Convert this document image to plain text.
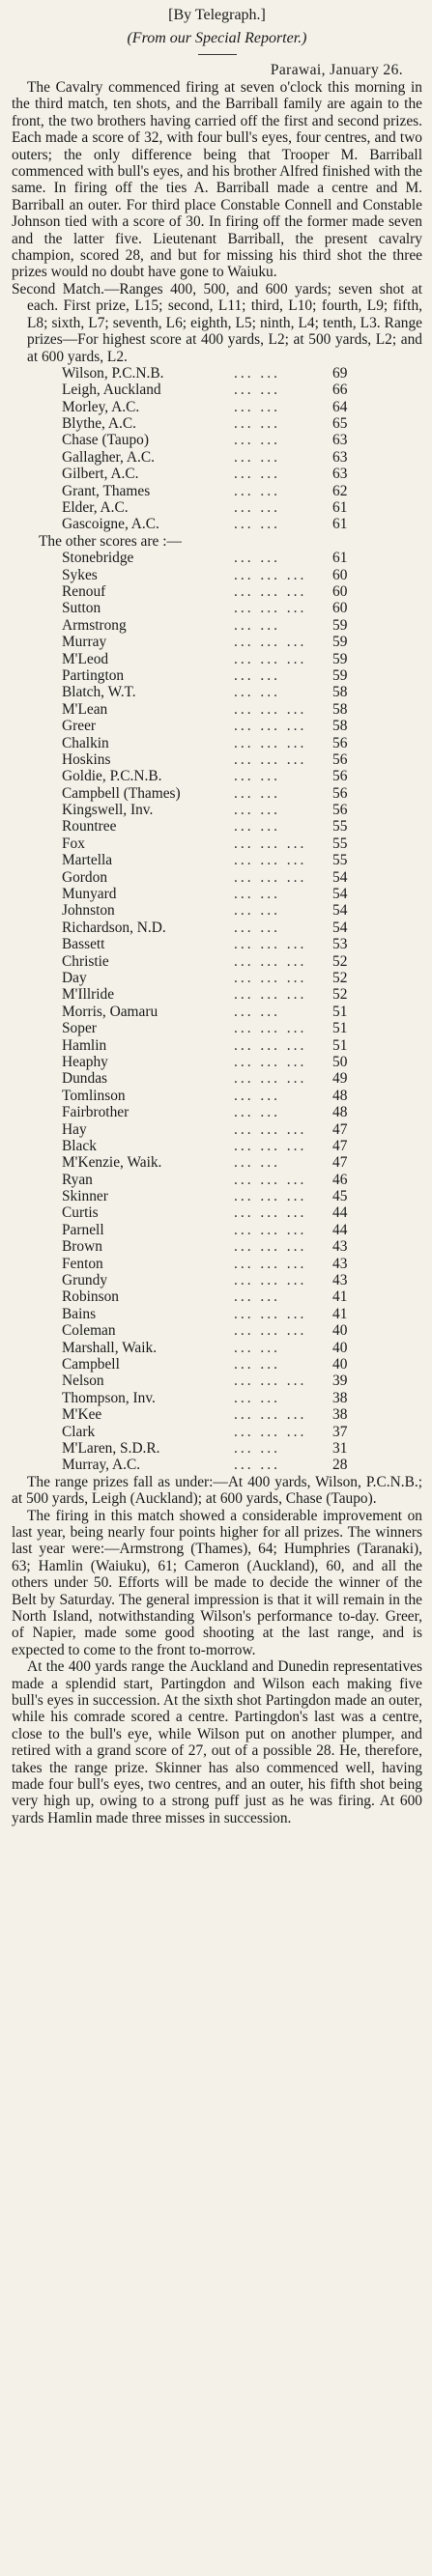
[By Telegraph.]
(From our Special Reporter.)
Parawai, January 26.

The Cavalry commenced firing at seven o'clock this morning in the third match, ten shots, and the Barriball family are again to the front, the two brothers having carried off the first and second prizes. Each made a score of 32, with four bull's eyes, four centres, and two outers; the only difference being that Trooper M. Barriball commenced with bull's eyes, and his brother Alfred finished with the same. In firing off the ties A. Barriball made a centre and M. Barriball an outer. For third place Constable Connell and Constable Johnson tied with a score of 30. In firing off the former made seven and the latter five. Lieutenant Barriball, the present cavalry champion, scored 28, and but for missing his third shot the three prizes would no doubt have gone to Waiuku.

Second Match.—Ranges 400, 500, and 600 yards; seven shot at each. First prize, L15; second, L11; third, L10; fourth, L9; fifth, L8; sixth, L7; seventh, L6; eighth, L5; ninth, L4; tenth, L3. Range prizes—For highest score at 400 yards, L2; at 500 yards, L2; and at 600 yards, L2.

Wilson, P.C.N.B.	... ...	69
Leigh, Auckland	... ...	66
Morley, A.C.	... ...	64
Blythe, A.C.	... ...	65
Chase (Taupo)	... ...	63
Gallagher, A.C.	... ...	63
Gilbert, A.C.	... ...	63
Grant, Thames	... ...	62
Elder, A.C.	... ...	61
Gascoigne, A.C.	... ...	61
The other scores are :—
Stonebridge	... ...	61
Sykes	... ... ...	60
Renouf	... ... ...	60
Sutton	... ... ...	60
Armstrong	... ...	59
Murray	... ... ...	59
M'Leod	... ... ...	59
Partington	... ...	59
Blatch, W.T.	... ...	58
M'Lean	... ... ...	58
Greer	... ... ...	58
Chalkin	... ... ...	56
Hoskins	... ... ...	56
Goldie, P.C.N.B.	... ...	56
Campbell (Thames)	... ...	56
Kingswell, Inv.	... ...	56
Rountree	... ...	55
Fox	... ... ...	55
Martella	... ... ...	55
Gordon	... ... ...	54
Munyard	... ...	54
Johnston	... ...	54
Richardson, N.D.	... ...	54
Bassett	... ... ...	53
Christie	... ... ...	52
Day	... ... ...	52
M'Illride	... ... ...	52
Morris, Oamaru	... ...	51
Soper	... ... ...	51
Hamlin	... ... ...	51
Heaphy	... ... ...	50
Dundas	... ... ...	49
Tomlinson	... ...	48
Fairbrother	... ...	48
Hay	... ... ...	47
Black	... ... ...	47
M'Kenzie, Waik.	... ...	47
Ryan	... ... ...	46
Skinner	... ... ...	45
Curtis	... ... ...	44
Parnell	... ... ...	44
Brown	... ... ...	43
Fenton	... ... ...	43
Grundy	... ... ...	43
Robinson	... ...	41
Bains	... ... ...	41
Coleman	... ... ...	40
Marshall, Waik.	... ...	40
Campbell	... ...	40
Nelson	... ... ...	39
Thompson, Inv.	... ...	38
M'Kee	... ... ...	38
Clark	... ... ...	37
M'Laren, S.D.R.	... ...	31
Murray, A.C.	... ...	28

The range prizes fall as under:—At 400 yards, Wilson, P.C.N.B.; at 500 yards, Leigh (Auckland); at 600 yards, Chase (Taupo).

The firing in this match showed a considerable improvement on last year, being nearly four points higher for all prizes. The winners last year were:—Armstrong (Thames), 64; Humphries (Taranaki), 63; Hamlin (Waiuku), 61; Cameron (Auckland), 60, and all the others under 50. Efforts will be made to decide the winner of the Belt by Saturday. The general impression is that it will remain in the North Island, notwithstanding Wilson's performance to-day. Greer, of Napier, made some good shooting at the last range, and is expected to come to the front to-morrow.

At the 400 yards range the Auckland and Dunedin representatives made a splendid start, Partingdon and Wilson each making five bull's eyes in succession. At the sixth shot Partingdon made an outer, while his comrade scored a centre. Partingdon's last was a centre, close to the bull's eye, while Wilson put on another plumper, and retired with a grand score of 27, out of a possible 28. He, therefore, takes the range prize. Skinner has also commenced well, having made four bull's eyes, two centres, and an outer, his fifth shot being very high up, owing to a strong puff just as he was firing. At 600 yards Hamlin made three misses in succession.
